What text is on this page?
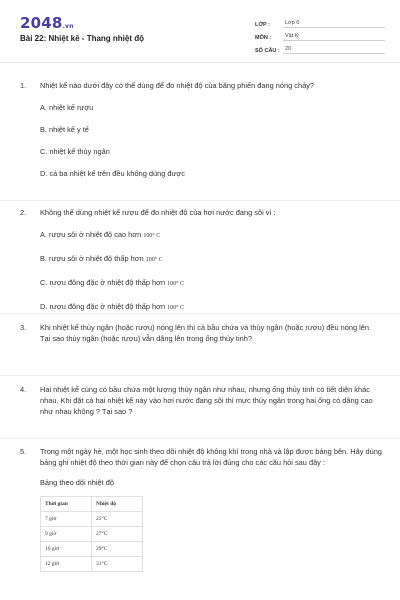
2048.vn
Bài 22: Nhiệt kế - Thang nhiệt độ
LỚP :	Lớp 6
MÔN :	Vật lý
SỐ CÂU : 20
1.	Nhiệt kế nào dưới đây có thể dùng để đo nhiệt độ của băng phiến đang nóng chảy?
A. nhiệt kế rượu
B. nhiệt kế y tế
C. nhiệt kế thủy ngân
D. cả ba nhiệt kế trên đều không dùng được
2.	Không thể dùng nhiệt kế rượu để đo nhiệt độ của hơi nước đang sôi vì :
A. rượu sôi ở nhiệt độ cao hơn 100° C
B. rượu sôi ở nhiệt độ thấp hơn 100° C
C. rượu đông đặc ở nhiệt độ thấp hơn 100° C
D. rượu đông đặc ở nhiệt độ thấp hơn 100° C
3.	Khi nhiệt kế thủy ngân (hoặc rượu) nóng lên thì cả bầu chứa và thủy ngân (hoặc rượu) đều nóng lên. Tại sao thủy ngân (hoặc rượu) vẫn dâng lên trong ống thủy tinh?
4.	Hai nhiệt kế cùng có bầu chứa một lượng thủy ngân như nhau, nhưng ống thủy tinh có tiết diện khác nhau. Khi đặt cả hai nhiệt kế này vào hơi nước đang sôi thì mực thủy ngân trong hai ống có dâng cao như nhau không ? Tại sao ?
5.	Trong một ngày hè, một học sinh theo dõi nhiệt độ không khí trong nhà và lập được bảng bên. Hãy dùng bảng ghi nhiệt độ theo thời gian này để chọn câu trả lời đúng cho các câu hỏi sau đây :
Bảng theo dõi nhiệt độ
Thời gian	Nhiệt độ
7 giờ	25°C
9 giờ	27°C
10 giờ	29°C
12 giờ	31°C
